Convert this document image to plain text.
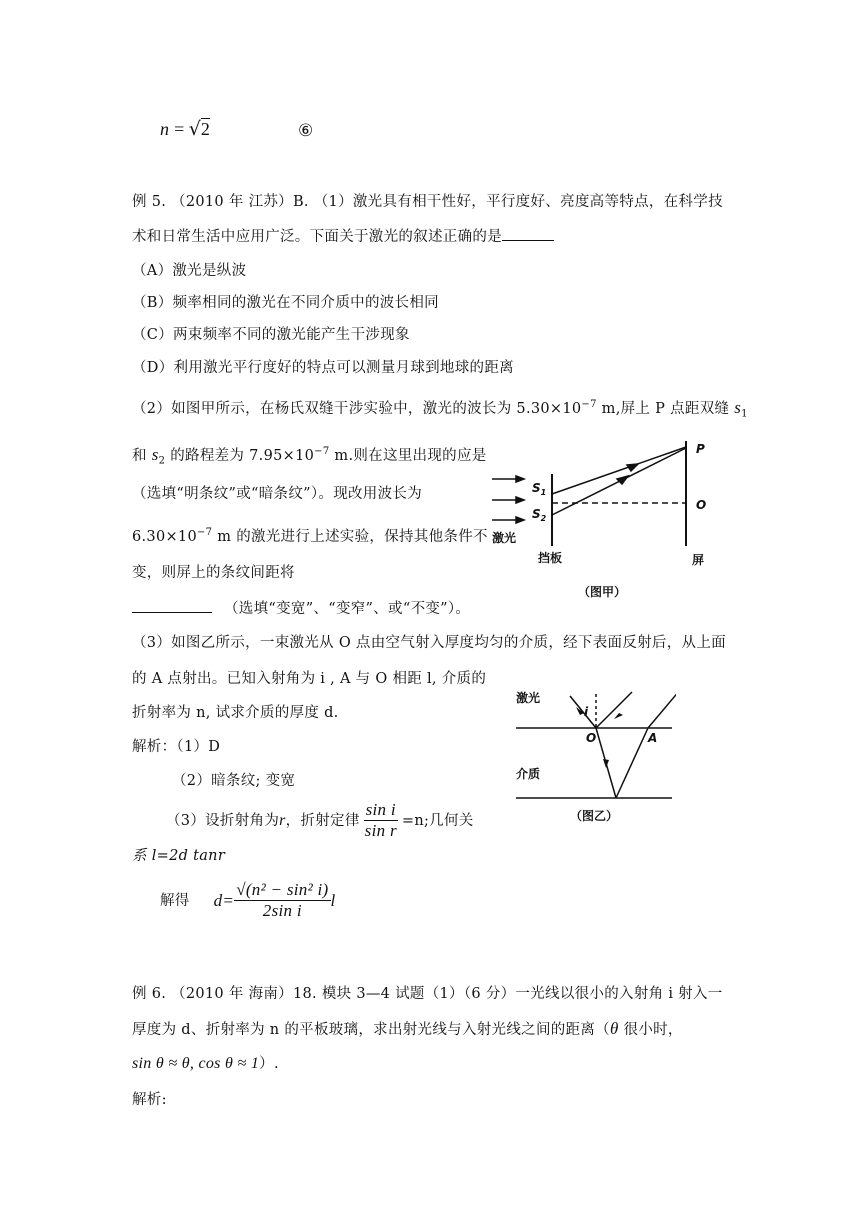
n = √2	⑥
例 5. （2010 年 江苏）B. （1）激光具有相干性好，平行度好、亮度高等特点，在科学技
术和日常生活中应用广泛。下面关于激光的叙述正确的是
（A）激光是纵波
（B）频率相同的激光在不同介质中的波长相同
（C）两束频率不同的激光能产生干涉现象
（D）利用激光平行度好的特点可以测量月球到地球的距离
（2）如图甲所示，在杨氏双缝干涉实验中，激光的波长为 $5.30\times 10^{-7}$ m,屏上 P 点距双缝 $s_1$
和 $s_2$ 的路程差为 $7.95\times 10^{-7}$ m.则在这里出现的应是
（选填“明条纹”或“暗条纹”）。现改用波长为
$6.30\times 10^{-7}$ m 的激光进行上述实验，保持其他条件不
变，则屏上的条纹间距将
（选填“变宽”、“变窄”、或“不变”）。
P
O
$S_1$
$S_2$
激光
挡板	屏
（图甲）
（3）如图乙所示，一束激光从 O 点由空气射入厚度均匀的介质，经下表面反射后，从上面
的 A 点射出。已知入射角为 i , A 与 O 相距 l, 介质的
折射率为 n, 试求介质的厚度 d.
激光
介质
（图乙）
i
O	A
解析：（1）D
（2）暗条纹; 变宽
（3）设折射角为 r ，折射定律 $\frac{\text{sin i}}{\text{sin r}} =n$;几何关
系 l=2d tanr
解得 $d= \frac{\text{√(n² − sin² i)}}{\text{2sin i}}$ l
例 6. （2010 年 海南）18. 模块 3—4 试题（1）（6 分）一光线以很小的入射角 i 射入一
厚度为 d、折射率为 n 的平板玻璃，求出射光线与入射光线之间的距离（θ 很小时，
sin θ ≈ θ, cos θ ≈ 1）.
解析:
